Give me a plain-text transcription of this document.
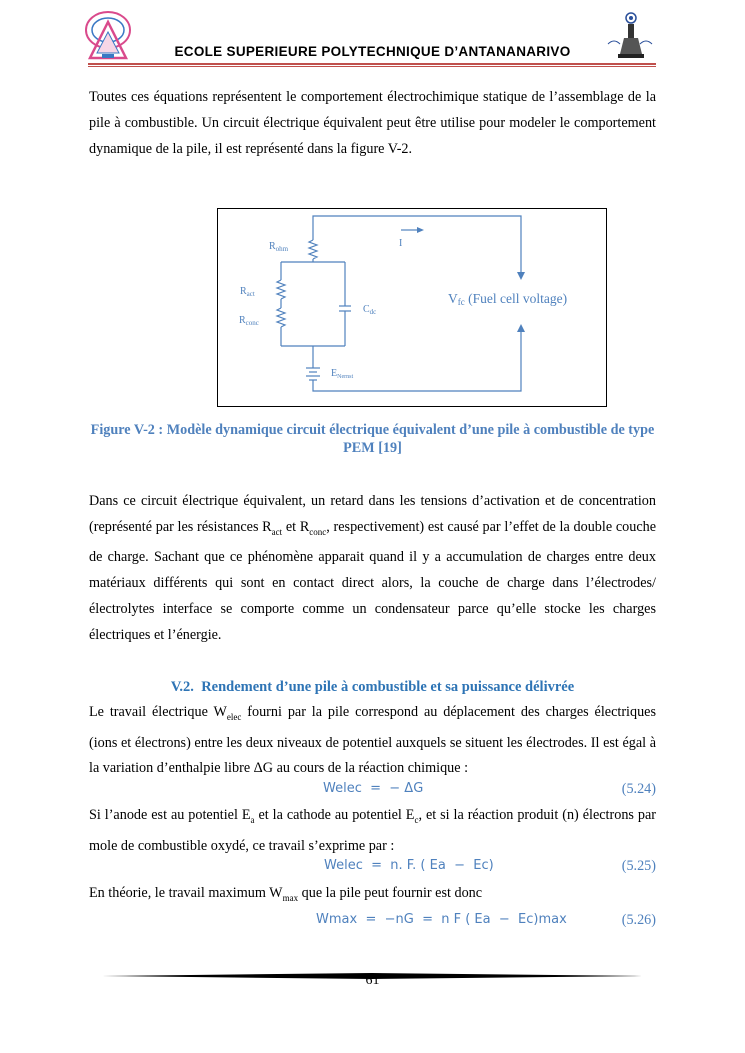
ECOLE SUPERIEURE POLYTECHNIQUE D’ANTANANARIVO

Toutes ces équations représentent le comportement électrochimique statique de l’assemblage de la pile à combustible. Un circuit électrique équivalent peut être utilise pour modeler le comportement dynamique de la pile, il est représenté dans la figure V-2.

$R_{ohm}$	I
$R_{act}$
$R_{conc}$
$C_{dc}$
$E_{Nernst}$
Vfc (Fuel cell voltage)
Figure V-2 : Modèle dynamique circuit électrique équivalent d’une pile à combustible de type PEM [19]

Dans ce circuit électrique équivalent, un retard dans les tensions d’activation et de concentration (représenté par les résistances $R_{act}$ et $R_{conc}$, respectivement) est causé par l’effet de la double couche de charge. Sachant que ce phénomène apparait quand il y a accumulation de charges entre deux matériaux différents qui sont en contact direct alors, la couche de charge dans l’électrodes/électrolytes interface se comporte comme un condensateur parce qu’elle stocke les charges électriques et l’énergie.

V.2. Rendement d’une pile à combustible et sa puissance délivrée

Le travail électrique $W_{elec}$ fourni par la pile correspond au déplacement des charges électriques (ions et électrons) entre les deux niveaux de potentiel auxquels se situent les électrodes. Il est égal à la variation d’enthalpie libre ΔG au cours de la réaction chimique :

Welec  =  − ΔG	(5.24)

Si l’anode est au potentiel $E_a$ et la cathode au potentiel $E_c$, et si la réaction produit (n) électrons par mole de combustible oxydé, ce travail s’exprime par :

Welec  =  n. F. ( Ea  −  Ec)	(5.25)

En théorie, le travail maximum $W_{max}$ que la pile peut fournir est donc

Wmax  =  −nG  =  n F ( Ea  −  Ec)max	(5.26)
61
